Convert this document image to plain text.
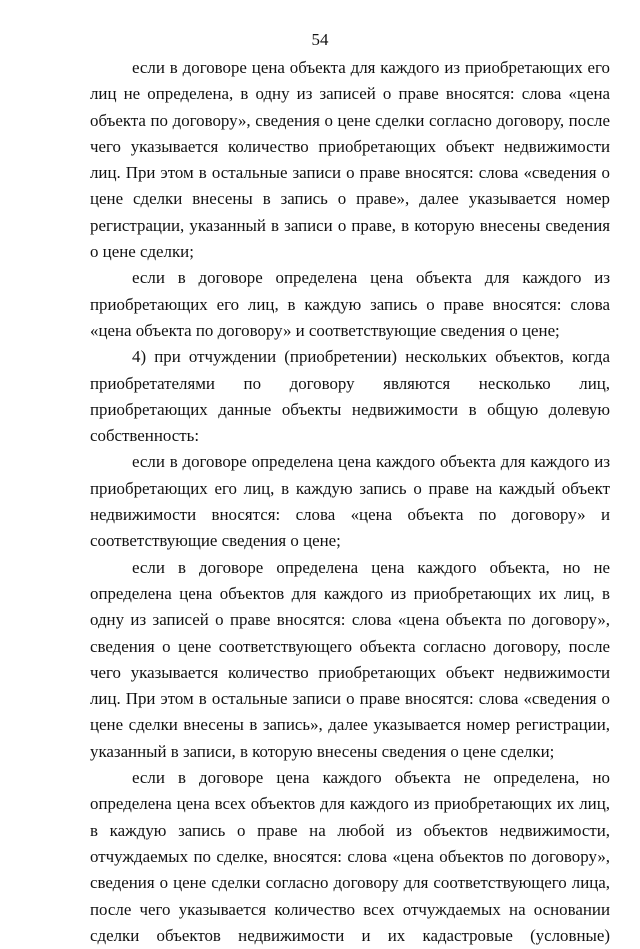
54

если в договоре цена объекта для каждого из приобретающих его лиц не определена, в одну из записей о праве вносятся: слова «цена объекта по договору», сведения о цене сделки согласно договору, после чего указывается количество приобретающих объект недвижимости лиц. При этом в остальные записи о праве вносятся: слова «сведения о цене сделки внесены в запись о праве», далее указывается номер регистрации, указанный в записи о праве, в которую внесены сведения о цене сделки;

если в договоре определена цена объекта для каждого из приобретающих его лиц, в каждую запись о праве вносятся: слова «цена объекта по договору» и соответствующие сведения о цене;

4) при отчуждении (приобретении) нескольких объектов, когда приобретателями по договору являются несколько лиц, приобретающих данные объекты недвижимости в общую долевую собственность:

если в договоре определена цена каждого объекта для каждого из приобретающих его лиц, в каждую запись о праве на каждый объект недвижимости вносятся: слова «цена объекта по договору» и соответствующие сведения о цене;

если в договоре определена цена каждого объекта, но не определена цена объектов для каждого из приобретающих их лиц, в одну из записей о праве вносятся: слова «цена объекта по договору», сведения о цене соответствующего объекта согласно договору, после чего указывается количество приобретающих объект недвижимости лиц. При этом в остальные записи о праве вносятся: слова «сведения о цене сделки внесены в запись», далее указывается номер регистрации, указанный в записи, в которую внесены сведения о цене сделки;

если в договоре цена каждого объекта не определена, но определена цена всех объектов для каждого из приобретающих их лиц, в каждую запись о праве на любой из объектов недвижимости, отчуждаемых по сделке, вносятся: слова «цена объектов по договору», сведения о цене сделки согласно договору для соответствующего лица, после чего указывается количество всех отчуждаемых на основании сделки объектов недвижимости и их кадастровые (условные)
